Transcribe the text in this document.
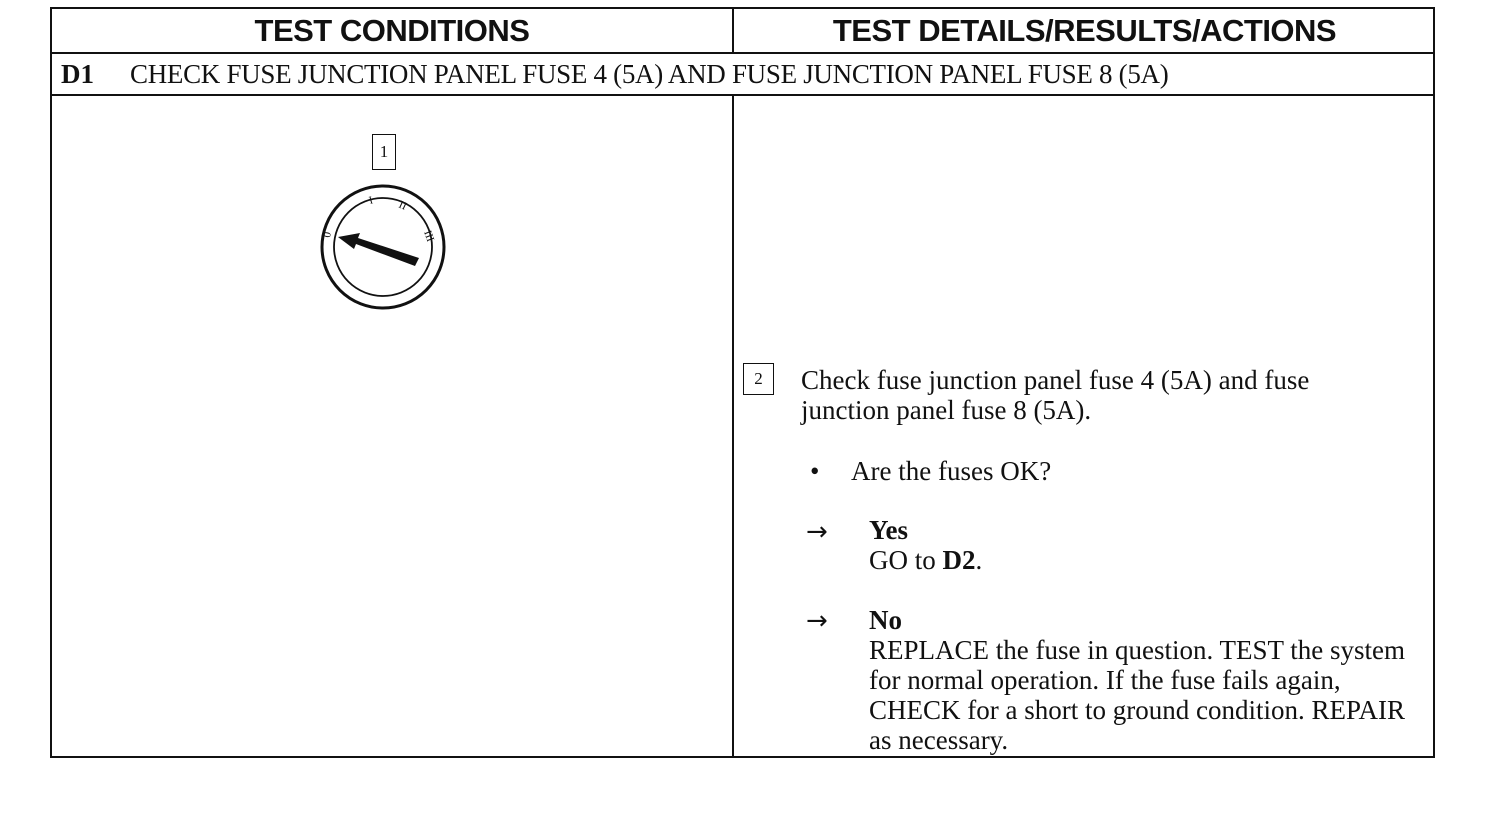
TEST CONDITIONS	TEST DETAILS/RESULTS/ACTIONS
D1 CHECK FUSE JUNCTION PANEL FUSE 4 (5A) AND FUSE JUNCTION PANEL FUSE 8 (5A)
1
0
I II
III
2	Check fuse junction panel fuse 4 (5A) and fuse junction panel fuse 8 (5A).
• Are the fuses OK?
→ Yes
GO to D2.
→ No
REPLACE the fuse in question. TEST the system for normal operation. If the fuse fails again, CHECK for a short to ground condition. REPAIR as necessary.
